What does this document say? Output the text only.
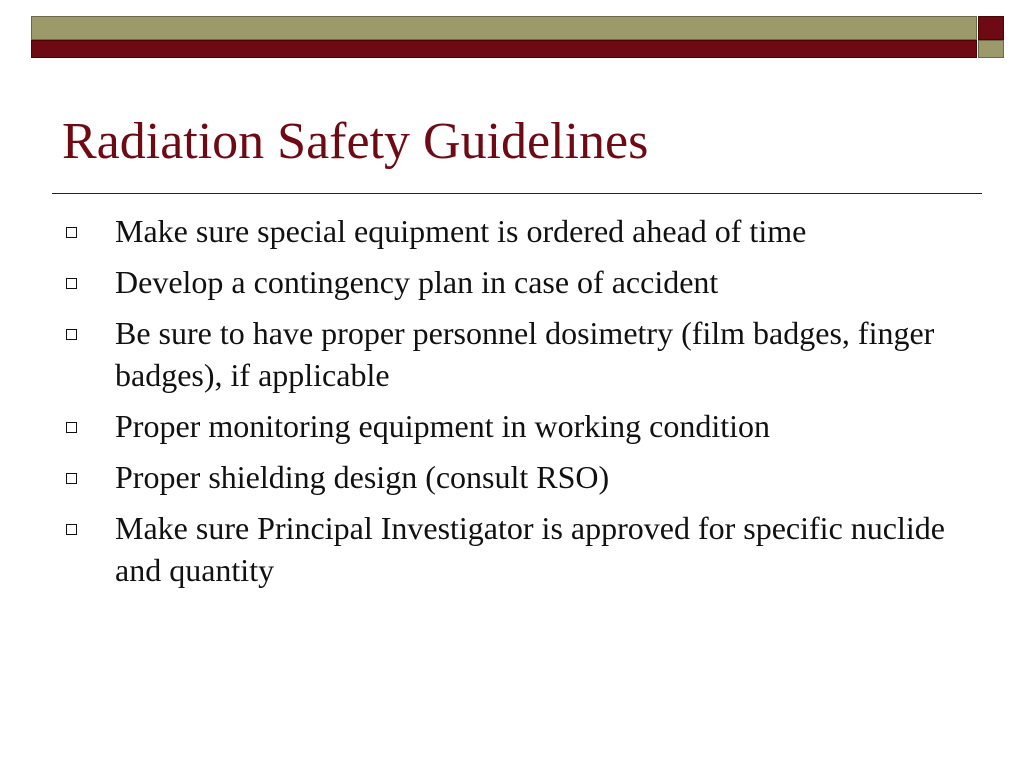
Radiation Safety Guidelines
Make sure special equipment is ordered ahead of time
Develop a contingency plan in case of accident
Be sure to have proper personnel dosimetry (film badges, finger badges), if applicable
Proper monitoring equipment in working condition
Proper shielding design (consult RSO)
Make sure Principal Investigator is approved for specific nuclide and quantity
